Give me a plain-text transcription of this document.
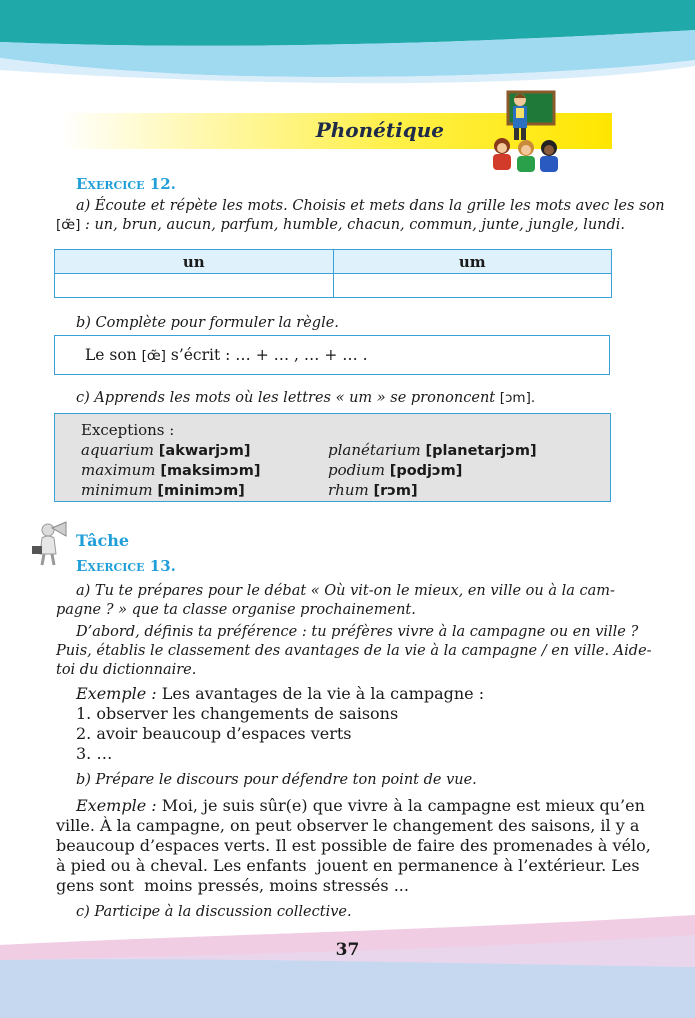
Phonétique
Exercice 12.
a) Écoute et répète les mots. Choisis et mets dans la grille les mots avec les son
[œ̃] : un, brun, aucun, parfum, humble, chacun, commun, junte, jungle, lundi.
un	um

b) Complète pour formuler la règle.
Le son [œ̃] s’écrit : … + … , … + … .
c) Apprends les mots où les lettres « um » se prononcent [ɔm].
Exceptions :
aquarium [akwarjɔm]	planétarium [planetarjɔm]
maximum [maksimɔm]	podium [podjɔm]
minimum [minimɔm]	rhum [rɔm]
Tâche
Exercice 13.
a) Tu te prépares pour le débat « Où vit-on le mieux, en ville ou à la cam-
pagne ? » que ta classe organise prochainement.
D’abord, définis ta préférence : tu préfères vivre à la campagne ou en ville ?
Puis, établis le classement des avantages de la vie à la campagne / en ville. Aide-
toi du dictionnaire.
Exemple : Les avantages de la vie à la campagne :
1. observer les changements de saisons
2. avoir beaucoup d’espaces verts
3. …
b) Prépare le discours pour défendre ton point de vue.
Exemple : Moi, je suis sûr(e) que vivre à la campagne est mieux qu’en
ville. À la campagne, on peut observer le changement des saisons, il y a
beaucoup d’espaces verts. Il est possible de faire des promenades à vélo,
à pied ou à cheval. Les enfants  jouent en permanence à l’extérieur. Les
gens sont  moins pressés, moins stressés ...
c) Participe à la discussion collective.
37
